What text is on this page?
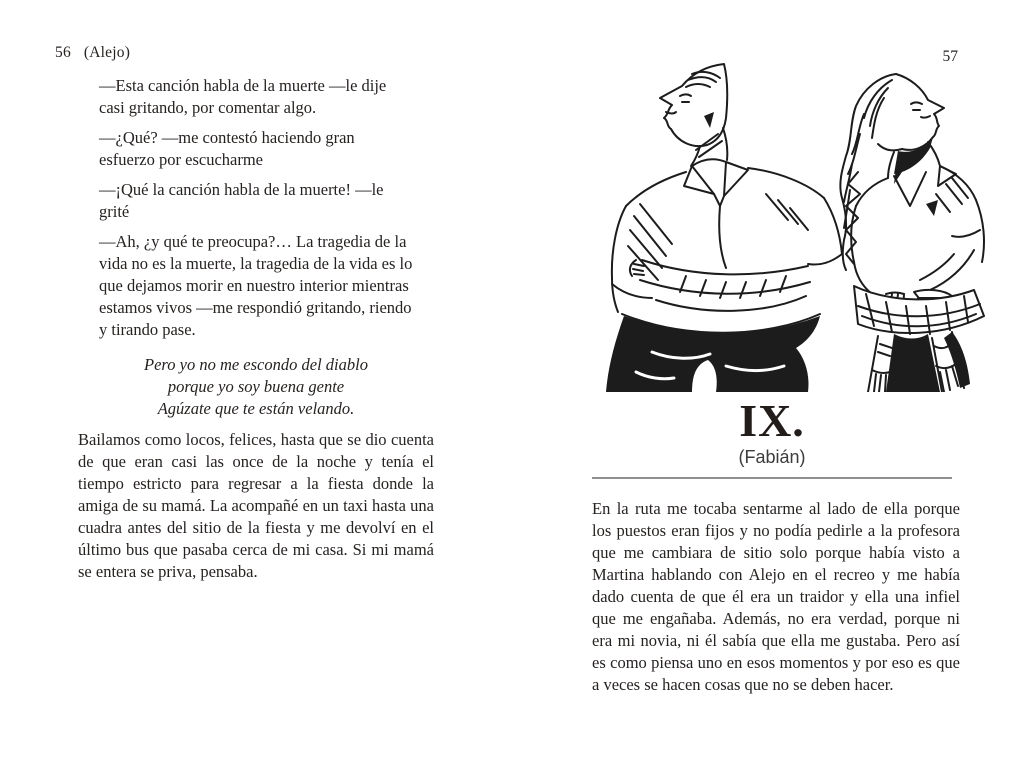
56 (Alejo)

—Esta canción habla de la muerte —le dije casi gritando, por comentar algo.

—¿Qué? —me contestó haciendo gran esfuerzo por escucharme

—¡Qué la canción habla de la muerte! —le grité

—Ah, ¿y qué te preocupa?… La tragedia de la vida no es la muerte, la tragedia de la vida es lo que dejamos morir en nuestro interior mientras estamos vivos —me respondió gritando, riendo y tirando pase.

Pero yo no me escondo del diablo
porque yo soy buena gente
Agúzate que te están velando.

Bailamos como locos, felices, hasta que se dio cuenta de que eran casi las once de la noche y tenía el tiempo estricto para regresar a la fiesta donde la amiga de su mamá. La acompañé en un taxi hasta una cuadra antes del sitio de la fiesta y me devolví en el último bus que pasaba cerca de mi casa. Si mi mamá se entera se priva, pensaba.

57
IX.
(Fabián)

En la ruta me tocaba sentarme al lado de ella porque los puestos eran fijos y no podía pedirle a la profesora que me cambiara de sitio solo porque había visto a Martina hablando con Alejo en el recreo y me había dado cuenta de que él era un traidor y ella una infiel que me engañaba. Además, no era verdad, porque ni era mi novia, ni él sabía que ella me gustaba. Pero así es como piensa uno en esos momentos y por eso es que a veces se hacen cosas que no se deben hacer.
